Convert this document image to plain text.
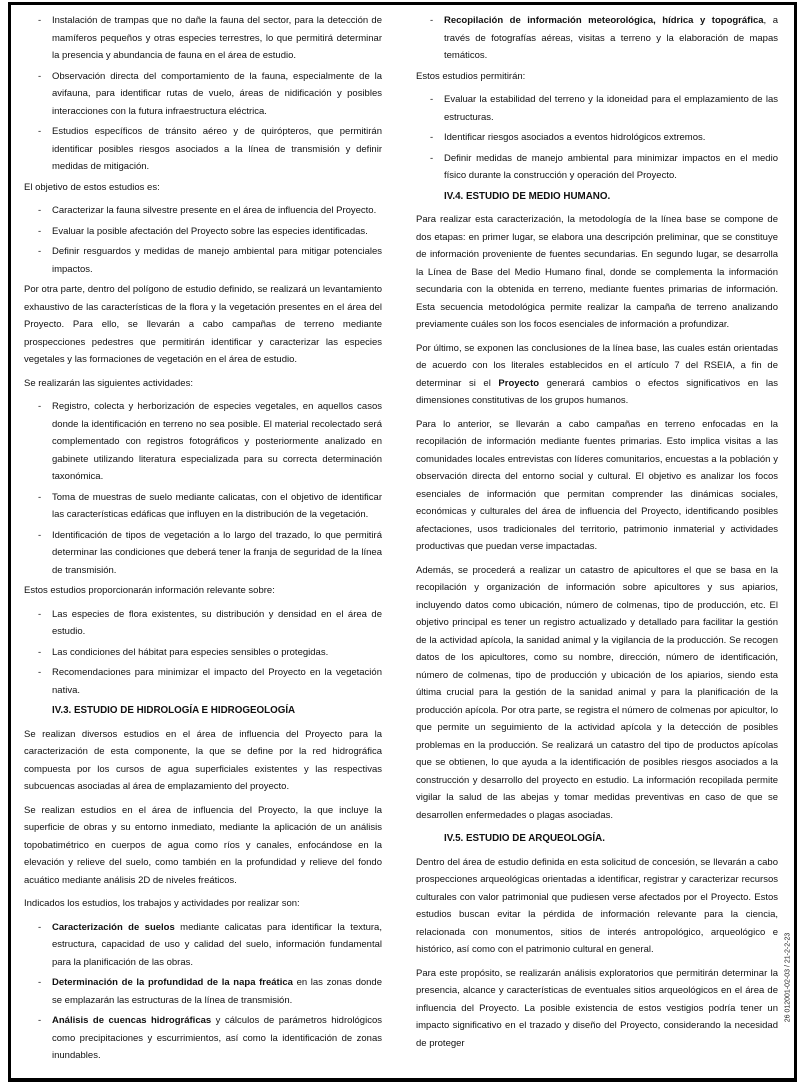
-	Instalación de trampas que no dañe la fauna del sector, para la detección de mamíferos pequeños y otras especies terrestres, lo que permitirá determinar la presencia y abundancia de fauna en el área de estudio.
-	Observación directa del comportamiento de la fauna, especialmente de la avifauna, para identificar rutas de vuelo, áreas de nidificación y posibles interacciones con la futura infraestructura eléctrica.
-	Estudios específicos de tránsito aéreo y de quirópteros, que permitirán identificar posibles riesgos asociados a la línea de transmisión y definir medidas de mitigación.
El objetivo de estos estudios es:
-	Caracterizar la fauna silvestre presente en el área de influencia del Proyecto.
-	Evaluar la posible afectación del Proyecto sobre las especies identificadas.
-	Definir resguardos y medidas de manejo ambiental para mitigar potenciales impactos.
Por otra parte, dentro del polígono de estudio definido, se realizará un levantamiento exhaustivo de las características de la flora y la vegetación presentes en el área del Proyecto. Para ello, se llevarán a cabo campañas de terreno mediante prospecciones pedestres que permitirán identificar y caracterizar las especies vegetales y las formaciones de vegetación en el área de estudio.
Se realizarán las siguientes actividades:
-	Registro, colecta y herborización de especies vegetales, en aquellos casos donde la identificación en terreno no sea posible. El material recolectado será complementado con registros fotográficos y posteriormente analizado en gabinete utilizando literatura especializada para su correcta determinación taxonómica.
-	Toma de muestras de suelo mediante calicatas, con el objetivo de identificar las características edáficas que influyen en la distribución de la vegetación.
-	Identificación de tipos de vegetación a lo largo del trazado, lo que permitirá determinar las condiciones que deberá tener la franja de seguridad de la línea de transmisión.
Estos estudios proporcionarán información relevante sobre:
-	Las especies de flora existentes, su distribución y densidad en el área de estudio.
-	Las condiciones del hábitat para especies sensibles o protegidas.
-	Recomendaciones para minimizar el impacto del Proyecto en la vegetación nativa.
IV.3. ESTUDIO DE HIDROLOGÍA E HIDROGEOLOGÍA
Se realizan diversos estudios en el área de influencia del Proyecto para la caracterización de esta componente, la que se define por la red hidrográfica compuesta por los cursos de agua superficiales existentes y las respectivas subcuencas asociadas al área de emplazamiento del proyecto.
Se realizan estudios en el área de influencia del Proyecto, la que incluye la superficie de obras y su entorno inmediato, mediante la aplicación de un análisis topobatimétrico en cuerpos de agua como ríos y canales, enfocándose en la elevación y relieve del suelo, como también en la profundidad y relieve del fondo acuático mediante análisis 2D de niveles freáticos.
Indicados los estudios, los trabajos y actividades por realizar son:
-	Caracterización de suelos mediante calicatas para identificar la textura, estructura, capacidad de uso y calidad del suelo, información fundamental para la planificación de las obras.
-	Determinación de la profundidad de la napa freática en las zonas donde se emplazarán las estructuras de la línea de transmisión.
-	Análisis de cuencas hidrográficas y cálculos de parámetros hidrológicos como precipitaciones y escurrimientos, así como la identificación de zonas inundables.
-	Recopilación de información meteorológica, hídrica y topográfica, a través de fotografías aéreas, visitas a terreno y la elaboración de mapas temáticos.
Estos estudios permitirán:
-	Evaluar la estabilidad del terreno y la idoneidad para el emplazamiento de las estructuras.
-	Identificar riesgos asociados a eventos hidrológicos extremos.
-	Definir medidas de manejo ambiental para minimizar impactos en el medio físico durante la construcción y operación del Proyecto.
IV.4. ESTUDIO DE MEDIO HUMANO.
Para realizar esta caracterización, la metodología de la línea base se compone de dos etapas: en primer lugar, se elabora una descripción preliminar, que se constituye de información proveniente de fuentes secundarias. En segundo lugar, se desarrolla la Línea de Base del Medio Humano final, donde se complementa la información secundaria con la obtenida en terreno, mediante fuentes primarias de información. Esta secuencia metodológica permite realizar la campaña de terreno analizando previamente cuáles son los focos esenciales de información a profundizar.
Por último, se exponen las conclusiones de la línea base, las cuales están orientadas de acuerdo con los literales establecidos en el artículo 7 del RSEIA, a fin de determinar si el Proyecto generará cambios o efectos significativos en las dimensiones constitutivas de los grupos humanos.
Para lo anterior, se llevarán a cabo campañas en terreno enfocadas en la recopilación de información mediante fuentes primarias. Esto implica visitas a las comunidades locales entrevistas con líderes comunitarios, encuestas a la población y observación directa del entorno social y cultural. El objetivo es analizar los focos esenciales de información que permitan comprender las dinámicas sociales, económicas y culturales del área de influencia del Proyecto, identificando posibles afectaciones, usos tradicionales del territorio, patrimonio inmaterial y actividades productivas que puedan verse impactadas.
Además, se procederá a realizar un catastro de apicultores el que se basa en la recopilación y organización de información sobre apicultores y sus apiarios, incluyendo datos como ubicación, número de colmenas, tipo de producción, etc. El objetivo principal es tener un registro actualizado y detallado para facilitar la gestión de la actividad apícola, la sanidad animal y la vigilancia de la producción. Se recogen datos de los apicultores, como su nombre, dirección, número de identificación, número de colmenas, tipo de producción y ubicación de los apiarios, siendo esta última crucial para la gestión de la sanidad animal y para la planificación de la producción apícola. Por otra parte, se registra el número de colmenas por apicultor, lo que permite un seguimiento de la actividad apícola y la detección de posibles problemas en la producción. Se realizará un catastro del tipo de productos apícolas que se obtienen, lo que ayuda a la identificación de posibles riesgos asociados a la construcción y desarrollo del proyecto en estudio. La información recopilada permite vigilar la salud de las abejas y tomar medidas preventivas en caso de que se desarrollen enfermedades o plagas asociadas.
IV.5. ESTUDIO DE ARQUEOLOGÍA.
Dentro del área de estudio definida en esta solicitud de concesión, se llevarán a cabo prospecciones arqueológicas orientadas a identificar, registrar y caracterizar recursos culturales con valor patrimonial que pudiesen verse afectados por el Proyecto. Estos estudios buscan evitar la pérdida de información relevante para la ciencia, relacionada con monumentos, sitios de interés antropológico, arqueológico e histórico, así como con el patrimonio cultural en general.
Para este propósito, se realizarán análisis exploratorios que permitirán determinar la presencia, alcance y características de eventuales sitios arqueológicos en el área de influencia del Proyecto. La posible existencia de estos vestigios podría tener un impacto significativo en el trazado y diseño del Proyecto, considerando la necesidad de proteger
26 012001-02-03 / 21-2-2-23
